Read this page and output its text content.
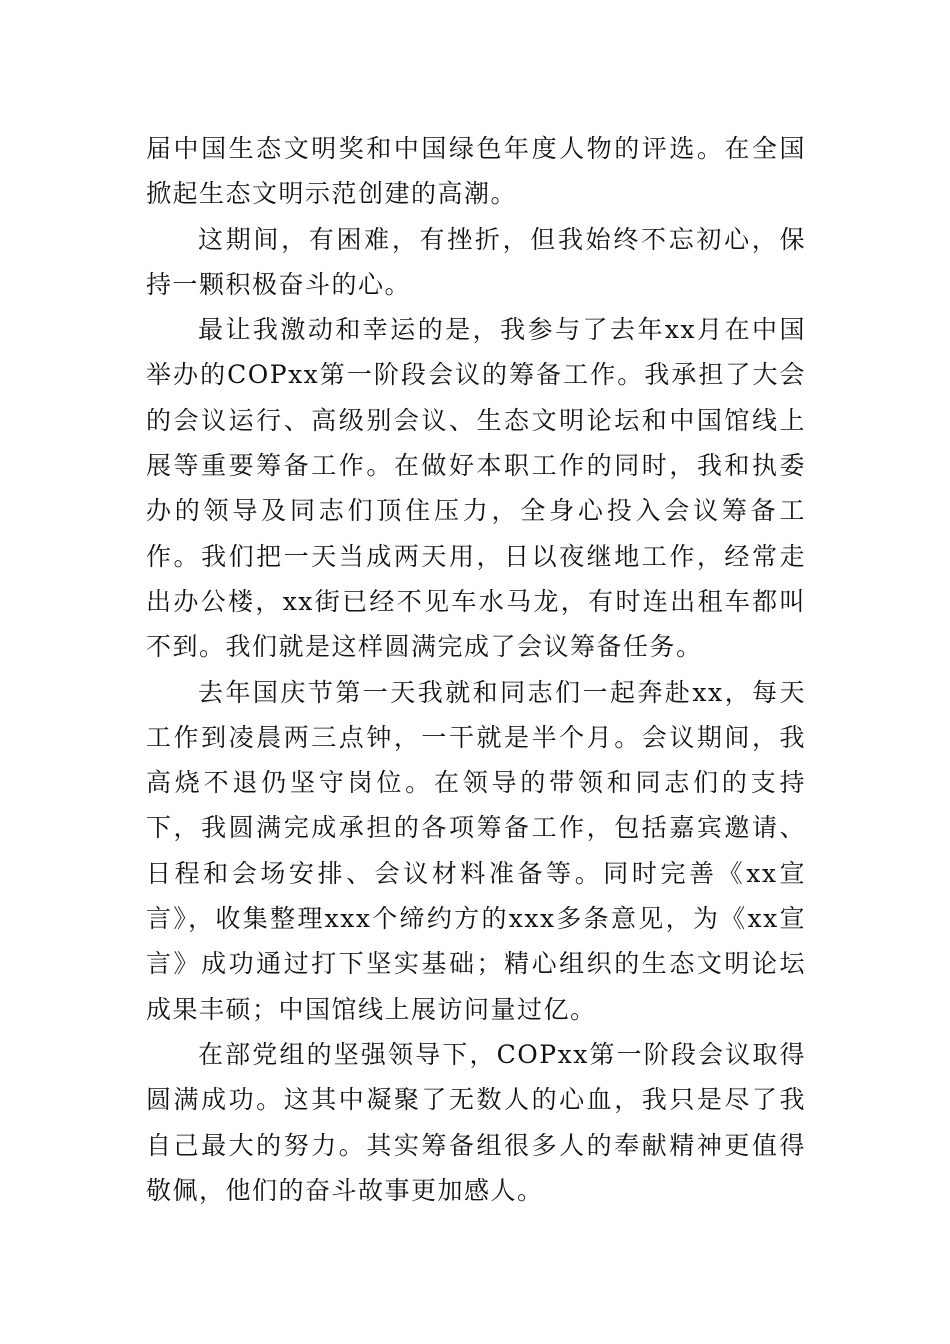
届中国生态文明奖和中国绿色年度人物的评选。在全国掀起生态文明示范创建的高潮。

这期间，有困难，有挫折，但我始终不忘初心，保持一颗积极奋斗的心。

最让我激动和幸运的是，我参与了去年xx月在中国举办的COPxx第一阶段会议的筹备工作。我承担了大会的会议运行、高级别会议、生态文明论坛和中国馆线上展等重要筹备工作。在做好本职工作的同时，我和执委办的领导及同志们顶住压力，全身心投入会议筹备工作。我们把一天当成两天用，日以夜继地工作，经常走出办公楼，xx街已经不见车水马龙，有时连出租车都叫不到。我们就是这样圆满完成了会议筹备任务。

去年国庆节第一天我就和同志们一起奔赴xx，每天工作到凌晨两三点钟，一干就是半个月。会议期间，我高烧不退仍坚守岗位。在领导的带领和同志们的支持下，我圆满完成承担的各项筹备工作，包括嘉宾邀请、日程和会场安排、会议材料准备等。同时完善《xx宣言》，收集整理xxx个缔约方的xxx多条意见，为《xx宣言》成功通过打下坚实基础；精心组织的生态文明论坛成果丰硕；中国馆线上展访问量过亿。

在部党组的坚强领导下，COPxx第一阶段会议取得圆满成功。这其中凝聚了无数人的心血，我只是尽了我自己最大的努力。其实筹备组很多人的奉献精神更值得敬佩，他们的奋斗故事更加感人。
